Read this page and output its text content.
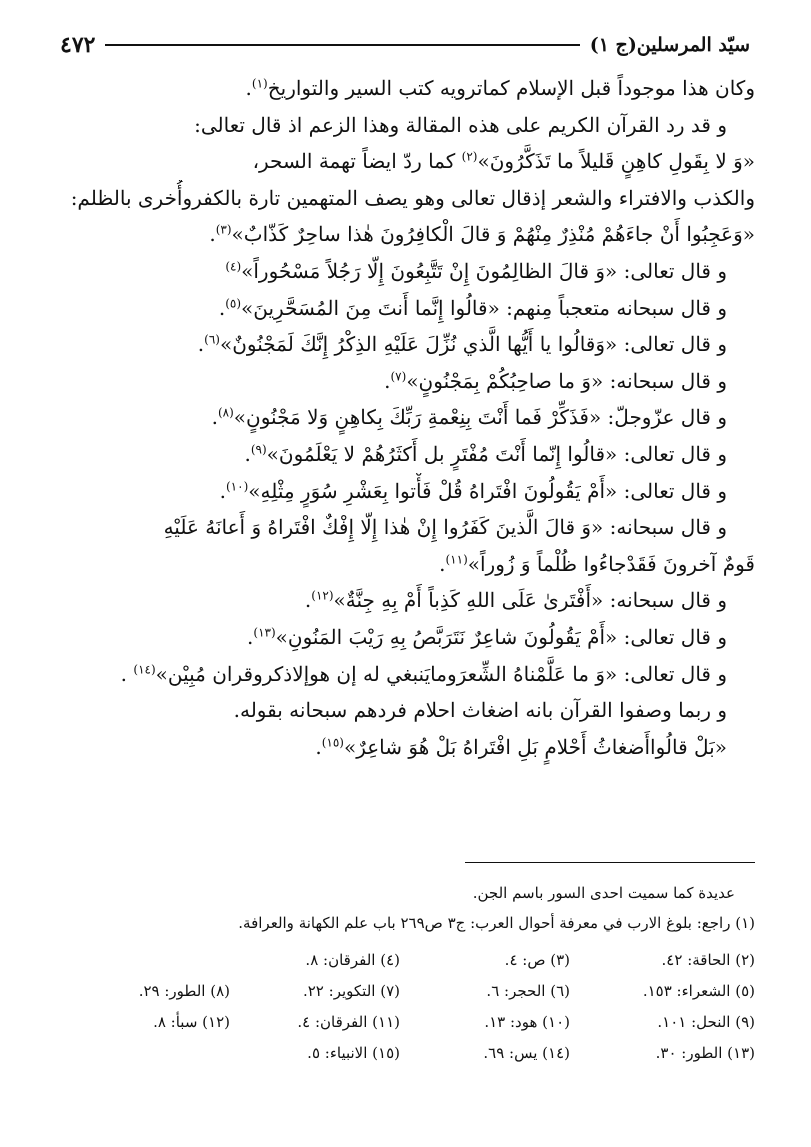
سيّد المرسلين(ج ١)
٤٧٢
وكان هذا موجوداً قبل الإسلام كماترويه كتب السير والتواريخ$^{(١)}$.
و قد رد القرآن الكريم على هذه المقالة وهذا الزعم اذ قال تعالى:
«وَ لا بِقَولِ كاهِنٍ قَليلاً ما تَذَكَّرُونَ»$^{(٢)}$ كما ردّ ايضاً تهمة السحر،
والكذب والافتراء والشعر إذقال تعالى وهو يصف المتهمين تارة بالكفروأُخرى بالظلم:
«وَعَجِبُوا أَنْ جاءَهُمْ مُنْذِرٌ مِنْهُمْ وَ قالَ الْكافِرُونَ هٰذا ساحِرٌ كَذّابٌ»$^{(٣)}$.
و قال تعالى: «وَ قالَ الظالِمُونَ إِنْ تَتَّبِعُونَ إِلّا رَجُلاً مَسْحُوراً»$^{(٤)}$
و قال سبحانه متعجباً مِنهم: «قالُوا إِنَّما أَنتَ مِنَ المُسَحَّرِينَ»$^{(٥)}$.
و قال تعالى: «وَقالُوا يا أَيُّها الَّذي نُزِّلَ عَلَيْهِ الذِكْرُ إِنَّكَ لَمَجْنُونٌ»$^{(٦)}$.
و قال سبحانه: «وَ ما صاحِبُكُمْ بِمَجْنُونٍ»$^{(٧)}$.
و قال عزّوجلّ: «فَذَكِّرْ فَما أَنْتَ بِنِعْمةِ رَبِّكَ بِكاهِنٍ وَلا مَجْنُونٍ»$^{(٨)}$.
و قال تعالى: «قالُوا إِنّما أَنْتَ مُفْتَرٍ بل أَكثَرُهُمْ لا يَعْلَمُونَ»$^{(٩)}$.
و قال تعالى: «أَمْ يَقُولُونَ افْتَراهُ قُلْ فَأْتوا بِعَشْرِ سُوَرٍ مِثْلِهِ»$^{(١٠)}$.
و قال سبحانه: «وَ قالَ الَّذينَ كَفَرُوا إِنْ هٰذا إِلّا إِفْكٌ افْتَراهُ وَ أَعانَهُ عَلَيْهِ
قَومٌ آخرونَ فَقَدْجاءُوا ظُلْماً وَ زُوراً»$^{(١١)}$.
و قال سبحانه: «أَفْتَرىٰ عَلَى اللهِ كَذِباً أَمْ بِهِ جِنَّةٌ»$^{(١٢)}$.
و قال تعالى: «أَمْ يَقُولُونَ شاعِرٌ نَتَرَبَّصُ بِهِ رَيْبَ المَنُونِ»$^{(١٣)}$.
و قال تعالى: «وَ ما عَلَّمْناهُ الشِّعرَومايَنبغي له إن هوإلاذكروقران مُبِيْن»$^{(١٤)}$ .
و ربما وصفوا القرآن بانه اضغاث احلام فردهم سبحانه بقوله.
«بَلْ قالُواأَضغاثُ أَحْلامٍ بَلِ افْتَراهُ بَلْ هُوَ شاعِرٌ»$^{(١٥)}$.
عديدة كما سميت احدى السور باسم الجن.
(١) راجع: بلوغ الارب في معرفة أحوال العرب: ج٣ ص٢٦٩ باب علم الكهانة والعرافة.
(٢) الحاقة: ٤٢.
(٣) ص: ٤.
(٤) الفرقان: ٨.
(٥) الشعراء: ١٥٣.
(٦) الحجر: ٦.
(٧) التكوير: ٢٢.
(٨) الطور: ٢٩.
(٩) النحل: ١٠١.
(١٠) هود: ١٣.
(١١) الفرقان: ٤.
(١٢) سبأ: ٨.
(١٣) الطور: ٣٠.
(١٤) يس: ٦٩.
(١٥) الانبياء: ٥.
